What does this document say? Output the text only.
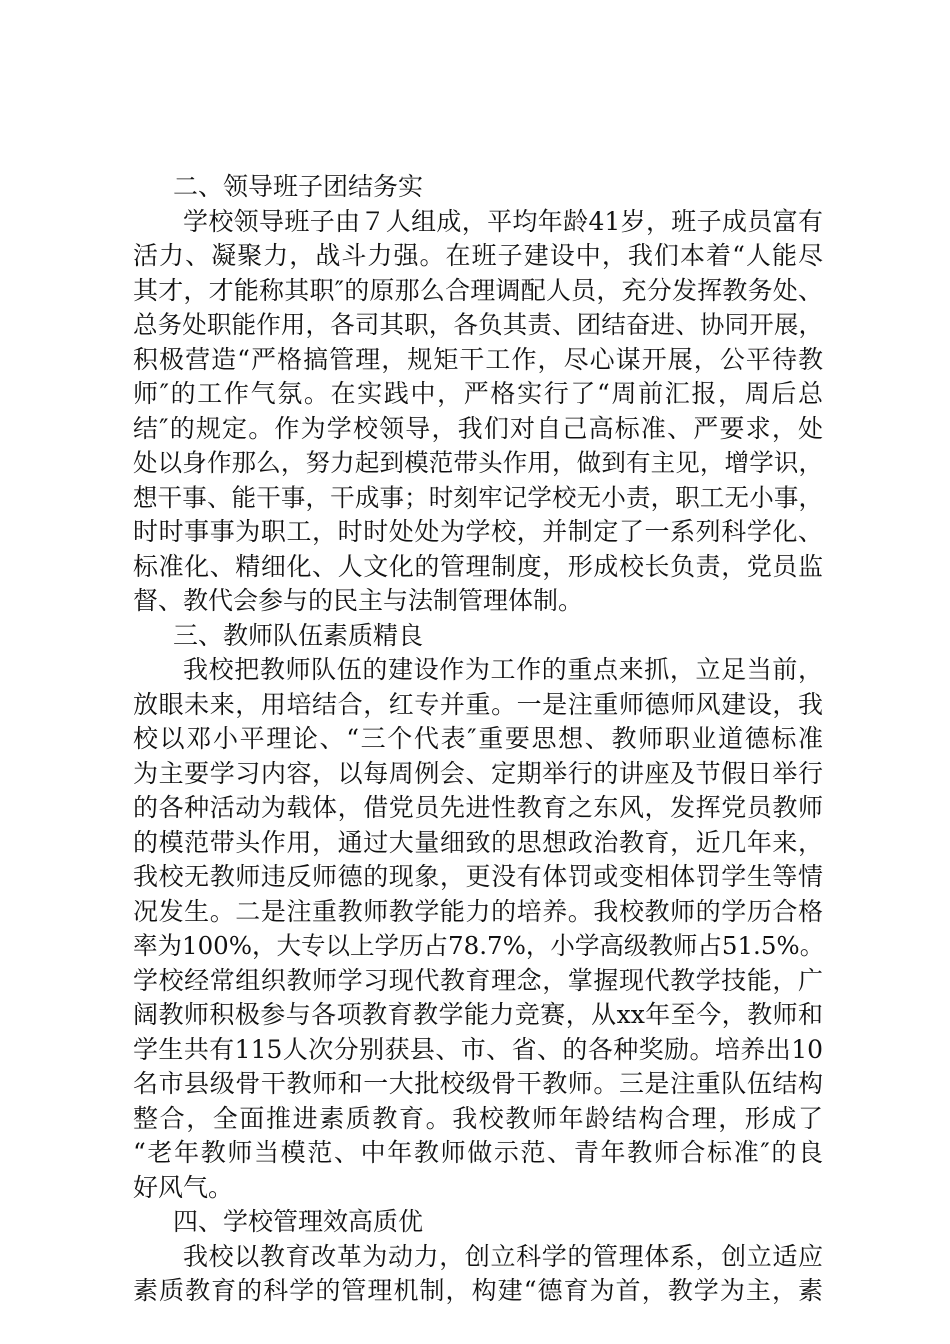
二、领导班子团结务实
学校领导班子由７人组成，平均年龄41岁，班子成员富有
活力、凝聚力，战斗力强。在班子建设中，我们本着“人能尽
其才，才能称其职″的原那么合理调配人员，充分发挥教务处、
总务处职能作用，各司其职，各负其责、团结奋进、协同开展，
积极营造“严格搞管理，规矩干工作，尽心谋开展，公平待教
师″的工作气氛。在实践中，严格实行了“周前汇报，周后总
结″的规定。作为学校领导，我们对自己高标准、严要求，处
处以身作那么，努力起到模范带头作用，做到有主见，增学识，
想干事、能干事，干成事；时刻牢记学校无小责，职工无小事，
时时事事为职工，时时处处为学校，并制定了一系列科学化、
标准化、精细化、人文化的管理制度，形成校长负责，党员监
督、教代会参与的民主与法制管理体制。
三、教师队伍素质精良
我校把教师队伍的建设作为工作的重点来抓，立足当前，
放眼未来，用培结合，红专并重。一是注重师德师风建设，我
校以邓小平理论、“三个代表″重要思想、教师职业道德标准
为主要学习内容，以每周例会、定期举行的讲座及节假日举行
的各种活动为载体，借党员先进性教育之东风，发挥党员教师
的模范带头作用，通过大量细致的思想政治教育，近几年来，
我校无教师违反师德的现象，更没有体罚或变相体罚学生等情
况发生。二是注重教师教学能力的培养。我校教师的学历合格
率为100%，大专以上学历占78.7%，小学高级教师占51.5%。
学校经常组织教师学习现代教育理念，掌握现代教学技能，广
阔教师积极参与各项教育教学能力竞赛，从xx年至今，教师和
学生共有115人次分别获县、市、省、的各种奖励。培养出10
名市县级骨干教师和一大批校级骨干教师。三是注重队伍结构
整合，全面推进素质教育。我校教师年龄结构合理，形成了
“老年教师当模范、中年教师做示范、青年教师合标准″的良
好风气。
四、学校管理效高质优
我校以教育改革为动力，创立科学的管理体系，创立适应
素质教育的科学的管理机制，构建“德育为首，教学为主，素
